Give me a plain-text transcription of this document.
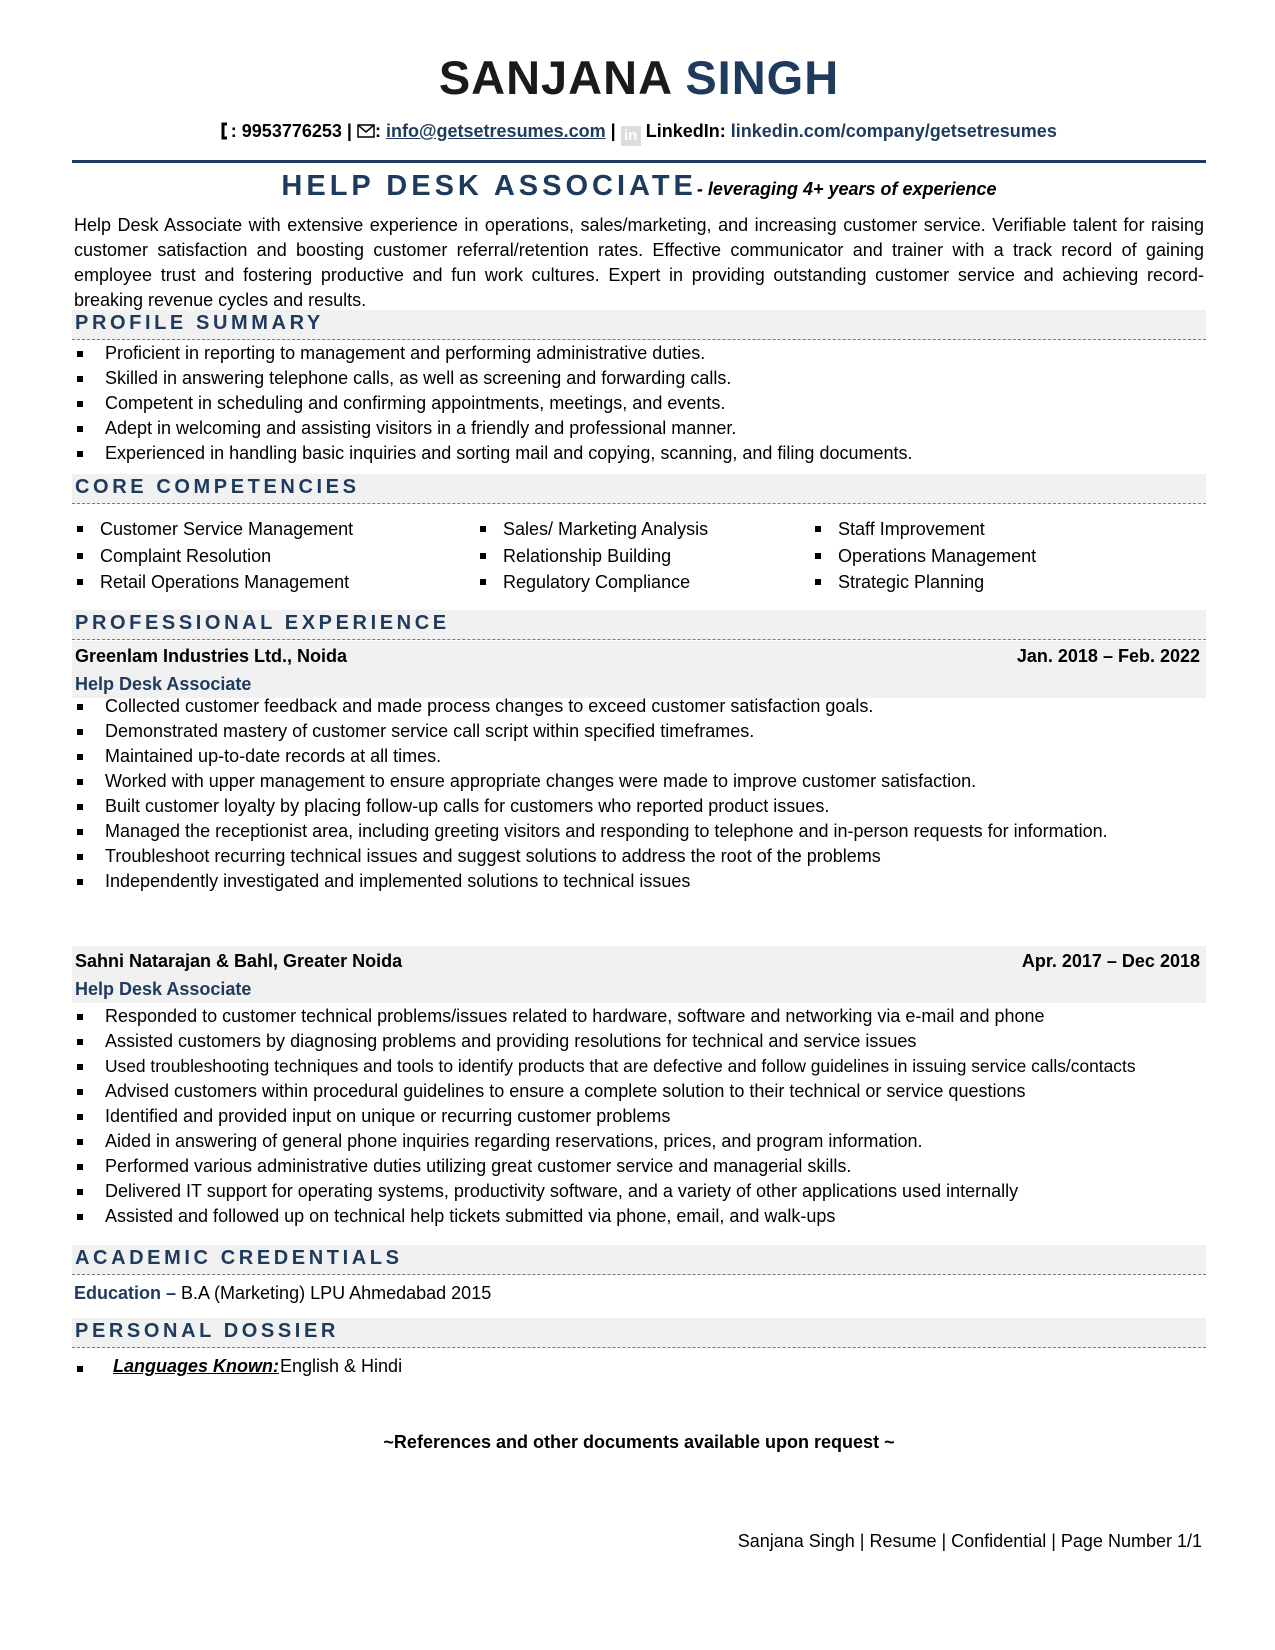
SANJANA SINGH
 : 9953776253 | : info@getsetresumes.com | in LinkedIn: linkedin.com/company/getsetresumes
HELP DESK ASSOCIATE- leveraging 4+ years of experience

Help Desk Associate with extensive experience in operations, sales/marketing, and increasing customer service. Verifiable talent for raising customer satisfaction and boosting customer referral/retention rates. Effective communicator and trainer with a track record of gaining employee trust and fostering productive and fun work cultures. Expert in providing outstanding customer service and achieving record-breaking revenue cycles and results.

PROFILE SUMMARY
Proficient in reporting to management and performing administrative duties.
Skilled in answering telephone calls, as well as screening and forwarding calls.
Competent in scheduling and confirming appointments, meetings, and events.
Adept in welcoming and assisting visitors in a friendly and professional manner.
Experienced in handling basic inquiries and sorting mail and copying, scanning, and filing documents.
CORE COMPETENCIES
Customer Service Management
Complaint Resolution
Retail Operations Management
Sales/ Marketing Analysis
Relationship Building
Regulatory Compliance
Staff Improvement
Operations Management
Strategic Planning
PROFESSIONAL EXPERIENCE
Greenlam Industries Ltd., Noida	Jan. 2018 – Feb. 2022
Help Desk Associate
Collected customer feedback and made process changes to exceed customer satisfaction goals.
Demonstrated mastery of customer service call script within specified timeframes.
Maintained up-to-date records at all times.
Worked with upper management to ensure appropriate changes were made to improve customer satisfaction.
Built customer loyalty by placing follow-up calls for customers who reported product issues.
Managed the receptionist area, including greeting visitors and responding to telephone and in-person requests for information.
Troubleshoot recurring technical issues and suggest solutions to address the root of the problems
Independently investigated and implemented solutions to technical issues
Sahni Natarajan & Bahl, Greater Noida	Apr. 2017 – Dec 2018
Help Desk Associate
Responded to customer technical problems/issues related to hardware, software and networking via e-mail and phone
Assisted customers by diagnosing problems and providing resolutions for technical and service issues
Used troubleshooting techniques and tools to identify products that are defective and follow guidelines in issuing service calls/contacts
Advised customers within procedural guidelines to ensure a complete solution to their technical or service questions
Identified and provided input on unique or recurring customer problems
Aided in answering of general phone inquiries regarding reservations, prices, and program information.
Performed various administrative duties utilizing great customer service and managerial skills.
Delivered IT support for operating systems, productivity software, and a variety of other applications used internally
Assisted and followed up on technical help tickets submitted via phone, email, and walk-ups
ACADEMIC CREDENTIALS
Education – B.A (Marketing) LPU Ahmedabad 2015
PERSONAL DOSSIER
Languages Known: English & Hindi
~References and other documents available upon request ~
Sanjana Singh | Resume | Confidential | Page Number 1/1
